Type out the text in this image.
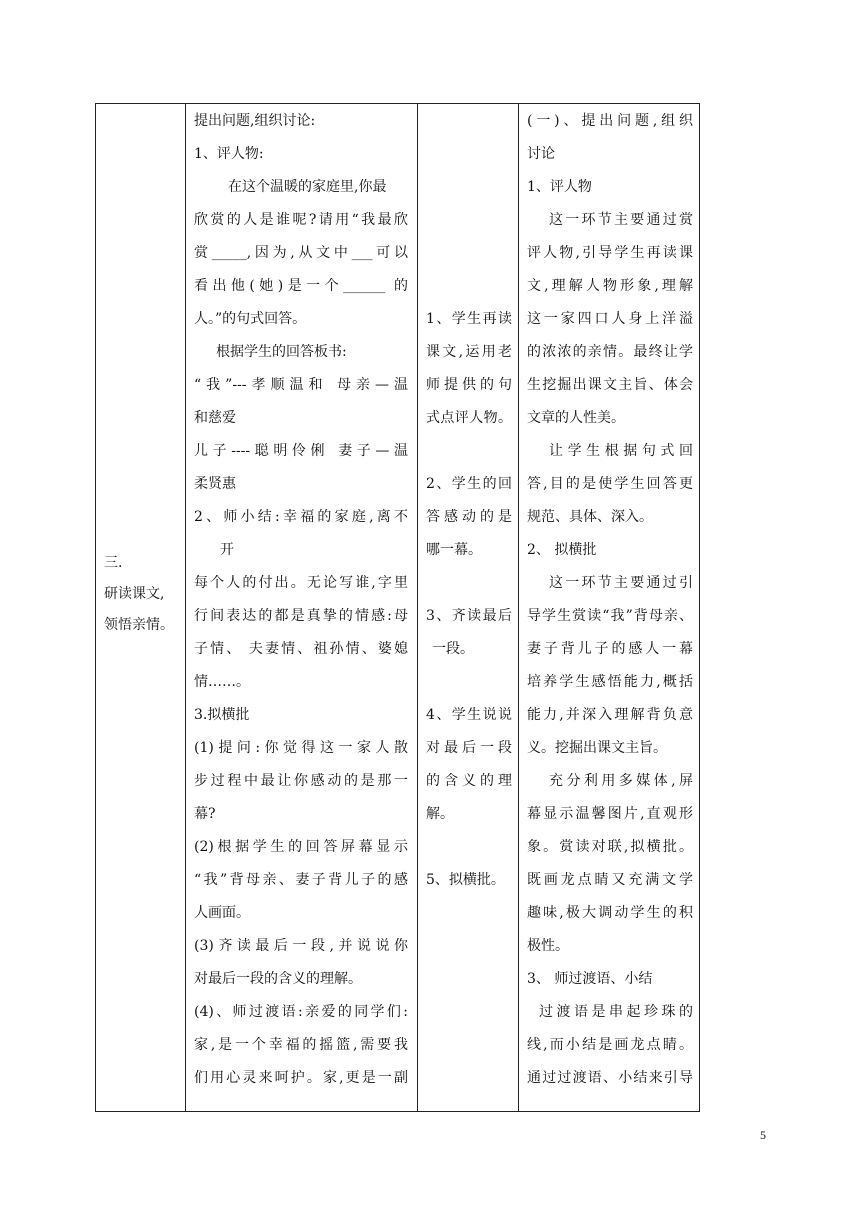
三.
研读课文,
领悟亲情。
提出问题,组织讨论:
1、评人物:
在这个温暖的家庭里,你最
欣赏的人是谁呢?请用“我最欣
赏_____,因为,从文中___可以
看出他(她)是一个______ 的
人。”的句式回答。
根据学生的回答板书:
“我”---孝顺温和 母亲—温
和慈爱
儿子----聪明伶俐 妻子—温
柔贤惠
2、师小结:幸福的家庭,离不
开
每个人的付出。无论写谁,字里
行间表达的都是真挚的情感:母
子情、 夫妻情、祖孙情、婆媳
情……。
3.拟横批
(1)提问:你觉得这一家人散
步过程中最让你感动的是那一
幕?
(2)根据学生的回答屏幕显示
“我”背母亲、妻子背儿子的感
人画面。
(3)齐读最后一段,并说说你
对最后一段的含义的理解。
(4)、师过渡语:亲爱的同学们:
家,是一个幸福的摇篮,需要我
们用心灵来呵护。家,更是一副
1、学生再读
课文,运用老
师提供的句
式点评人物。
2、学生的回
答感动的是
哪一幕。
3、齐读最后
一段。
4、学生说说
对最后一段
的含义的理
解。
5、拟横批。
(一)、提出问题,组织
讨论
1、评人物
这一环节主要通过赏
评人物,引导学生再读课
文,理解人物形象,理解
这一家四口人身上洋溢
的浓浓的亲情。最终让学
生挖掘出课文主旨、体会
文章的人性美。
让学生根据句式回
答,目的是使学生回答更
规范、具体、深入。
2、 拟横批
这一环节主要通过引
导学生赏读“我”背母亲、
妻子背儿子的感人一幕
培养学生感悟能力,概括
能力,并深入理解背负意
义。挖掘出课文主旨。
充分利用多媒体,屏
幕显示温馨图片,直观形
象。赏读对联,拟横批。
既画龙点睛又充满文学
趣味,极大调动学生的积
极性。
3、 师过渡语、小结
过渡语是串起珍珠的
线,而小结是画龙点睛。
通过过渡语、小结来引导
5
